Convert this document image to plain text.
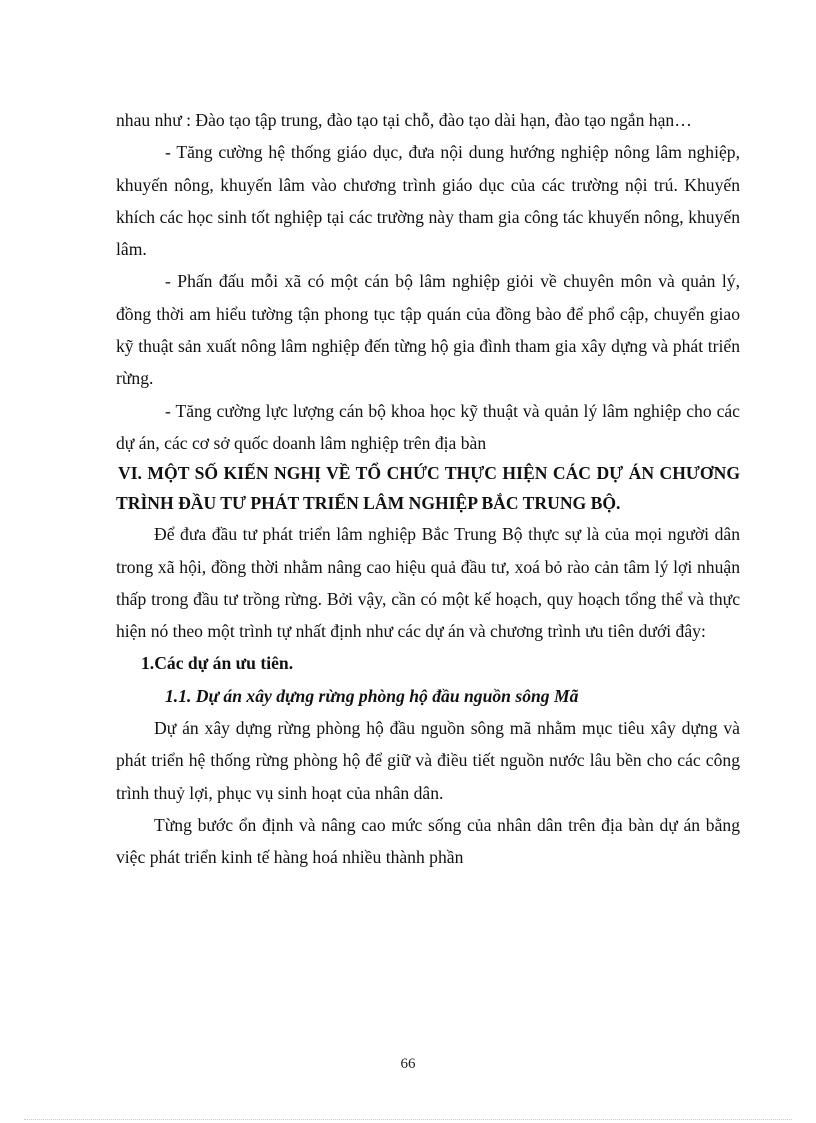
nhau như : Đào tạo tập trung, đào tạo tại chỗ, đào tạo dài hạn, đào tạo ngắn hạn…

- Tăng cường hệ thống giáo dục, đưa nội dung hướng nghiệp nông lâm nghiệp, khuyến nông, khuyến lâm vào chương trình giáo dục của các trường nội trú. Khuyến khích các học sinh tốt nghiệp tại các trường này tham gia công tác khuyến nông, khuyến lâm.

- Phấn đấu mỗi xã có một cán bộ lâm nghiệp giỏi về chuyên môn và quản lý, đồng thời am hiểu tường tận phong tục tập quán của đồng bào để phổ cập, chuyển giao kỹ thuật sản xuất nông lâm nghiệp đến từng hộ gia đình tham gia xây dựng và phát triển rừng.

- Tăng cường lực lượng cán bộ khoa học kỹ thuật và quản lý lâm nghiệp cho các dự án, các cơ sở quốc doanh lâm nghiệp trên địa bàn

VI. MỘT SỐ KIẾN NGHỊ VỀ TỔ CHỨC THỰC HIỆN CÁC DỰ ÁN CHƯƠNG TRÌNH ĐẦU TƯ PHÁT TRIỂN LÂM NGHIỆP BẮC TRUNG BỘ.

Để đưa đầu tư phát triển lâm nghiệp Bắc Trung Bộ thực sự là của mọi người dân trong xã hội, đồng thời nhằm nâng cao hiệu quả đầu tư, xoá bỏ rào cản tâm lý lợi nhuận thấp trong đầu tư trồng rừng. Bởi vậy, cần có một kế hoạch, quy hoạch tổng thể và thực hiện nó theo một trình tự nhất định như các dự án và chương trình ưu tiên dưới đây:

1.Các dự án ưu tiên.

1.1. Dự án xây dựng rừng phòng hộ đầu nguồn sông Mã

Dự án xây dựng rừng phòng hộ đầu nguồn sông mã nhằm mục tiêu xây dựng và phát triển hệ thống rừng phòng hộ để giữ và điều tiết nguồn nước lâu bền cho các công trình thuỷ lợi, phục vụ sinh hoạt của nhân dân.

Từng bước ổn định và nâng cao mức sống của nhân dân trên địa bàn dự án bằng việc phát triển kinh tế hàng hoá nhiều thành phần

66
